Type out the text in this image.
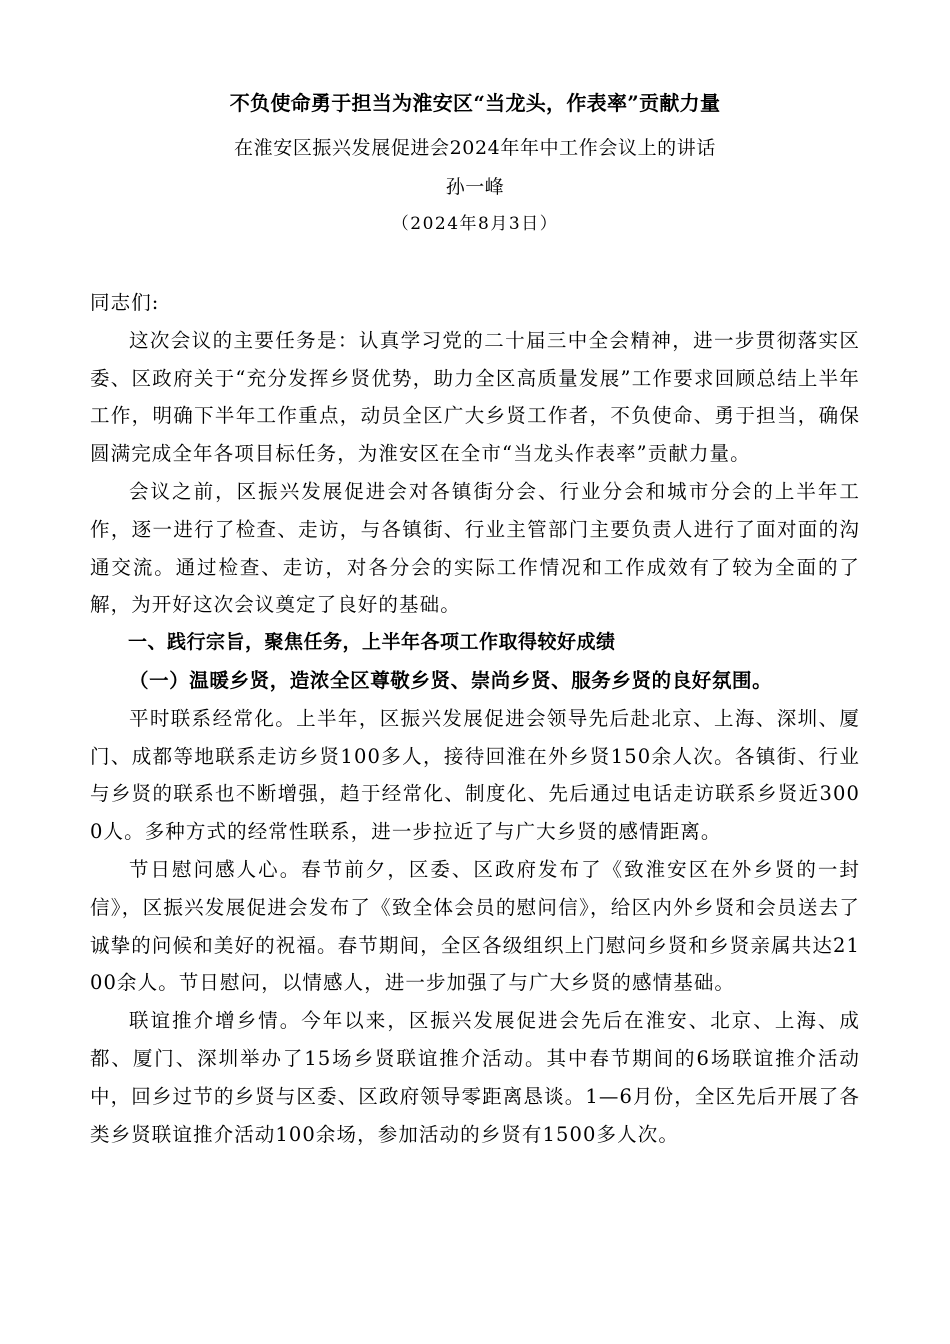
不负使命勇于担当为淮安区“当龙头，作表率”贡献力量
在淮安区振兴发展促进会2024年年中工作会议上的讲话
孙一峰
（2024年8月3日）

同志们:

这次会议的主要任务是：认真学习党的二十届三中全会精神，进一步贯彻落实区委、区政府关于“充分发挥乡贤优势，助力全区高质量发展”工作要求回顾总结上半年工作，明确下半年工作重点，动员全区广大乡贤工作者，不负使命、勇于担当，确保圆满完成全年各项目标任务，为淮安区在全市“当龙头作表率”贡献力量。

会议之前，区振兴发展促进会对各镇街分会、行业分会和城市分会的上半年工作，逐一进行了检查、走访，与各镇街、行业主管部门主要负责人进行了面对面的沟通交流。通过检查、走访，对各分会的实际工作情况和工作成效有了较为全面的了解，为开好这次会议奠定了良好的基础。

一、践行宗旨，聚焦任务，上半年各项工作取得较好成绩

（一）温暖乡贤，造浓全区尊敬乡贤、崇尚乡贤、服务乡贤的良好氛围。

平时联系经常化。上半年，区振兴发展促进会领导先后赴北京、上海、深圳、厦门、成都等地联系走访乡贤100多人，接待回淮在外乡贤150余人次。各镇街、行业与乡贤的联系也不断增强，趋于经常化、制度化、先后通过电话走访联系乡贤近3000人。多种方式的经常性联系，进一步拉近了与广大乡贤的感情距离。

节日慰问感人心。春节前夕，区委、区政府发布了《致淮安区在外乡贤的一封信》，区振兴发展促进会发布了《致全体会员的慰问信》，给区内外乡贤和会员送去了诚挚的问候和美好的祝福。春节期间，全区各级组织上门慰问乡贤和乡贤亲属共达2100余人。节日慰问，以情感人，进一步加强了与广大乡贤的感情基础。

联谊推介增乡情。今年以来，区振兴发展促进会先后在淮安、北京、上海、成都、厦门、深圳举办了15场乡贤联谊推介活动。其中春节期间的6场联谊推介活动中，回乡过节的乡贤与区委、区政府领导零距离恳谈。1—6月份，全区先后开展了各类乡贤联谊推介活动100余场，参加活动的乡贤有1500多人次。
